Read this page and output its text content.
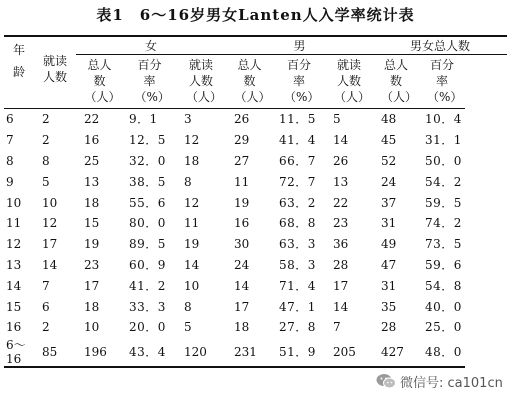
表1　6～16岁男女Lanten人入学率统计表
年龄	就读人数	女			男			男女总人数	
		总人数（人）	百分率（%）	就读人数（人）	总人数（人）	百分率（%）	就读人数（人）	总人数（人）	百分率（%）
6	2	22	9．1	3	26	11．5	5	48	10．4
7	2	16	12．5	12	29	41．4	14	45	31．1
8	8	25	32．0	18	27	66．7	26	52	50．0
9	5	13	38．5	8	11	72．7	13	24	54．2
10	10	18	55．6	12	19	63．2	22	37	59．5
11	12	15	80．0	11	16	68．8	23	31	74．2
12	17	19	89．5	19	30	63．3	36	49	73．5
13	14	23	60．9	14	24	58．3	28	47	59．6
14	7	17	41．2	10	14	71．4	17	31	54．8
15	6	18	33．3	8	17	47．1	14	35	40．0
16	2	10	20．0	5	18	27．8	7	28	25．0
6～16	85	196	43．4	120	231	51．9	205	427	48．0
微信号: ca101cn
